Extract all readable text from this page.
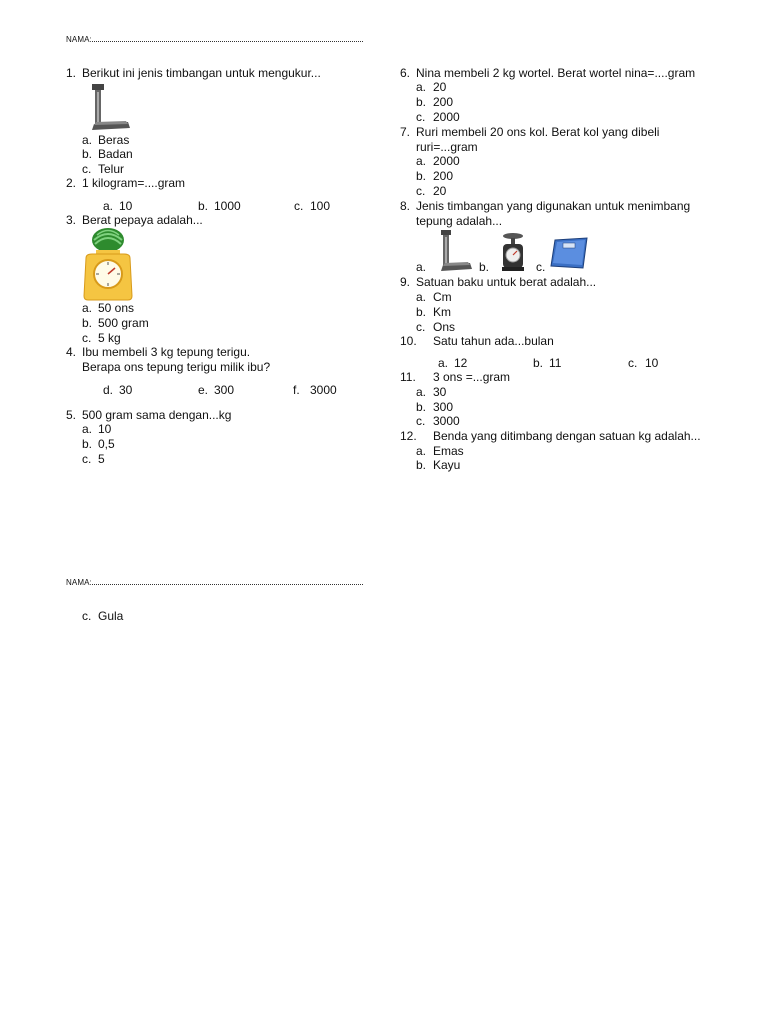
NAMA:
1. Berikut ini jenis timbangan untuk mengukur...
a. Beras
b. Badan
c. Telur
2. 1 kilogram=....gram
a. 10	b. 1000	c. 100
3. Berat pepaya adalah...
a. 50 ons
b. 500 gram
c. 5 kg
4. Ibu membeli 3 kg tepung terigu.
Berapa ons tepung terigu milik ibu?
d. 30	e. 300	f. 3000
5. 500 gram sama dengan...kg
a. 10
b. 0,5
c. 5
6. Nina membeli 2 kg wortel. Berat wortel nina=....gram
a. 20
b. 200
c. 2000
7. Ruri membeli 20 ons kol. Berat kol yang dibeli
ruri=...gram
a. 2000
b. 200
c. 20
8. Jenis timbangan yang digunakan untuk menimbang
tepung adalah...
a.	b.	c.
9. Satuan baku untuk berat adalah...
a. Cm
b. Km
c. Ons
10. Satu tahun ada...bulan
a. 12	b. 11	c. 10
11. 3 ons =...gram
a. 30
b. 300
c. 3000
12. Benda yang ditimbang dengan satuan kg adalah...
a. Emas
b. Kayu
NAMA:
c. Gula
